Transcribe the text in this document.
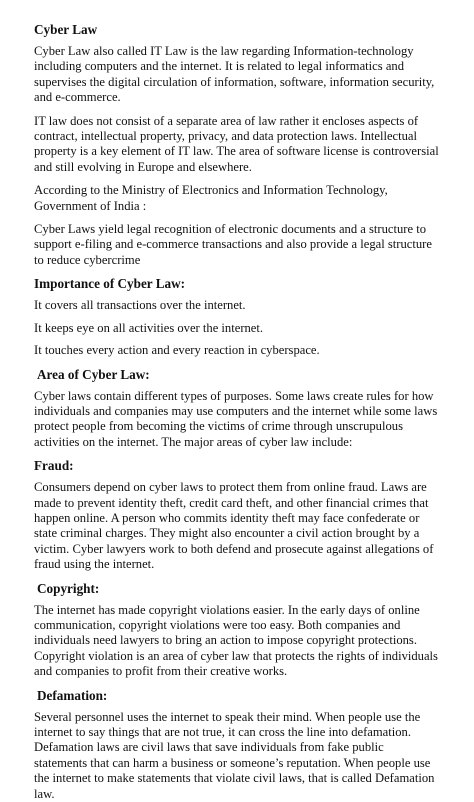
Cyber Law
Cyber Law also called IT Law is the law regarding Information-technology including computers and the internet. It is related to legal informatics and supervises the digital circulation of information, software, information security, and e-commerce.
IT law does not consist of a separate area of law rather it encloses aspects of contract, intellectual property, privacy, and data protection laws. Intellectual property is a key element of IT law. The area of software license is controversial and still evolving in Europe and elsewhere.
According to the Ministry of Electronics and Information Technology, Government of India :
Cyber Laws yield legal recognition of electronic documents and a structure to support e-filing and e-commerce transactions and also provide a legal structure to reduce cybercrime
Importance of Cyber Law:
It covers all transactions over the internet.
It keeps eye on all activities over the internet.
It touches every action and every reaction in cyberspace.
Area of Cyber Law:
Cyber laws contain different types of purposes. Some laws create rules for how individuals and companies may use computers and the internet while some laws protect people from becoming the victims of crime through unscrupulous activities on the internet. The major areas of cyber law include:
Fraud:
Consumers depend on cyber laws to protect them from online fraud. Laws are made to prevent identity theft, credit card theft, and other financial crimes that happen online. A person who commits identity theft may face confederate or state criminal charges. They might also encounter a civil action brought by a victim. Cyber lawyers work to both defend and prosecute against allegations of fraud using the internet.
Copyright:
The internet has made copyright violations easier. In the early days of online communication, copyright violations were too easy. Both companies and individuals need lawyers to bring an action to impose copyright protections. Copyright violation is an area of cyber law that protects the rights of individuals and companies to profit from their creative works.
Defamation:
Several personnel uses the internet to speak their mind. When people use the internet to say things that are not true, it can cross the line into defamation. Defamation laws are civil laws that save individuals from fake public statements that can harm a business or someone’s reputation. When people use the internet to make statements that violate civil laws, that is called Defamation law.
